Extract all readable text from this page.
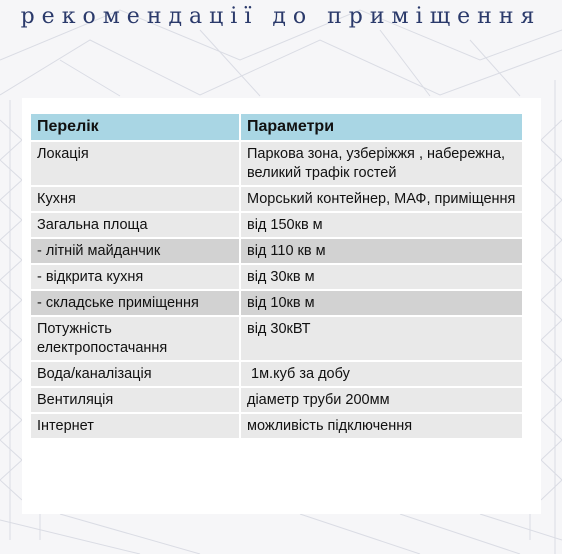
рекомендації до приміщення
Перелік	Параметри
Локація	Паркова зона, узберіжжя , набережна, великий трафік гостей
Кухня	Морський контейнер, МАФ, приміщення
Загальна площа	від 150кв м
- літній майданчик	від 110 кв м
- відкрита кухня	від 30кв м
- складське приміщення	від 10кв м
Потужність електропостачання	від 30кВТ
Вода/каналізація	1м.куб за добу
Вентиляція	діаметр труби 200мм
Інтернет	можливість підключення
